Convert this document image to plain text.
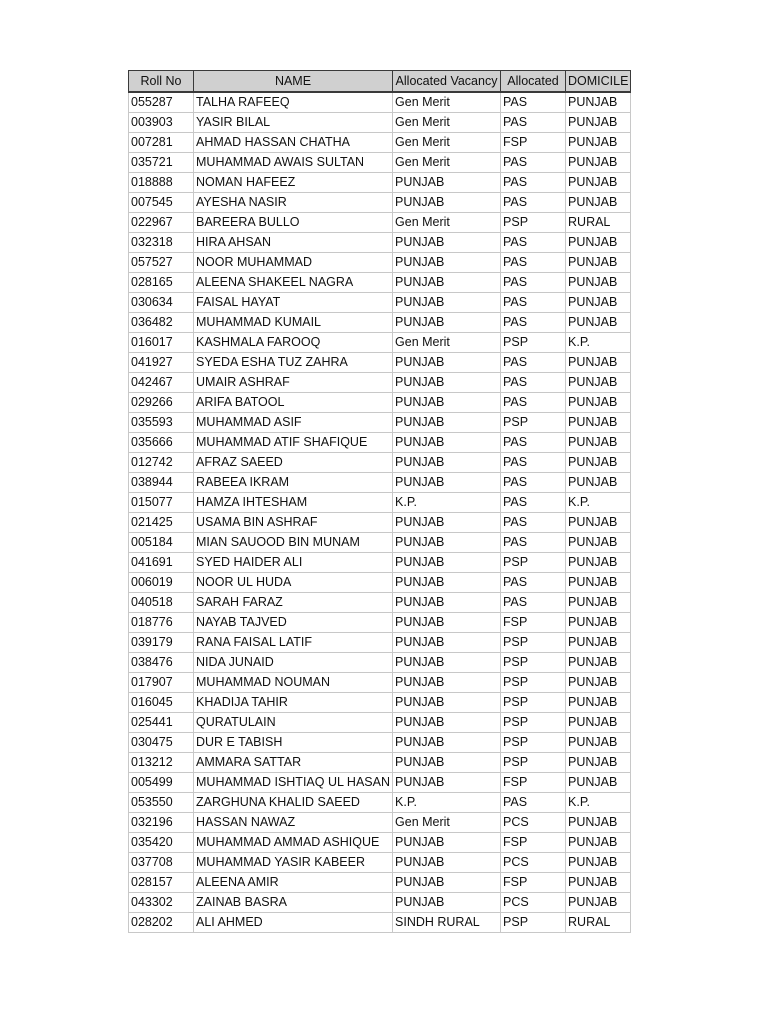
Roll No	NAME	Allocated Vacancy	Allocated	DOMICILE
055287	TALHA RAFEEQ	Gen Merit	PAS	PUNJAB
003903	YASIR BILAL	Gen Merit	PAS	PUNJAB
007281	AHMAD HASSAN CHATHA	Gen Merit	FSP	PUNJAB
035721	MUHAMMAD AWAIS SULTAN	Gen Merit	PAS	PUNJAB
018888	NOMAN HAFEEZ	PUNJAB	PAS	PUNJAB
007545	AYESHA NASIR	PUNJAB	PAS	PUNJAB
022967	BAREERA BULLO	Gen Merit	PSP	RURAL
032318	HIRA AHSAN	PUNJAB	PAS	PUNJAB
057527	NOOR MUHAMMAD	PUNJAB	PAS	PUNJAB
028165	ALEENA SHAKEEL NAGRA	PUNJAB	PAS	PUNJAB
030634	FAISAL HAYAT	PUNJAB	PAS	PUNJAB
036482	MUHAMMAD KUMAIL	PUNJAB	PAS	PUNJAB
016017	KASHMALA FAROOQ	Gen Merit	PSP	K.P.
041927	SYEDA ESHA TUZ ZAHRA	PUNJAB	PAS	PUNJAB
042467	UMAIR ASHRAF	PUNJAB	PAS	PUNJAB
029266	ARIFA BATOOL	PUNJAB	PAS	PUNJAB
035593	MUHAMMAD ASIF	PUNJAB	PSP	PUNJAB
035666	MUHAMMAD ATIF SHAFIQUE	PUNJAB	PAS	PUNJAB
012742	AFRAZ SAEED	PUNJAB	PAS	PUNJAB
038944	RABEEA IKRAM	PUNJAB	PAS	PUNJAB
015077	HAMZA IHTESHAM	K.P.	PAS	K.P.
021425	USAMA BIN ASHRAF	PUNJAB	PAS	PUNJAB
005184	MIAN SAUOOD BIN MUNAM	PUNJAB	PAS	PUNJAB
041691	SYED HAIDER ALI	PUNJAB	PSP	PUNJAB
006019	NOOR UL HUDA	PUNJAB	PAS	PUNJAB
040518	SARAH FARAZ	PUNJAB	PAS	PUNJAB
018776	NAYAB TAJVED	PUNJAB	FSP	PUNJAB
039179	RANA FAISAL LATIF	PUNJAB	PSP	PUNJAB
038476	NIDA JUNAID	PUNJAB	PSP	PUNJAB
017907	MUHAMMAD NOUMAN	PUNJAB	PSP	PUNJAB
016045	KHADIJA TAHIR	PUNJAB	PSP	PUNJAB
025441	QURATULAIN	PUNJAB	PSP	PUNJAB
030475	DUR E TABISH	PUNJAB	PSP	PUNJAB
013212	AMMARA SATTAR	PUNJAB	PSP	PUNJAB
005499	MUHAMMAD ISHTIAQ UL HASAN	PUNJAB	FSP	PUNJAB
053550	ZARGHUNA KHALID SAEED	K.P.	PAS	K.P.
032196	HASSAN NAWAZ	Gen Merit	PCS	PUNJAB
035420	MUHAMMAD AMMAD ASHIQUE	PUNJAB	FSP	PUNJAB
037708	MUHAMMAD YASIR KABEER	PUNJAB	PCS	PUNJAB
028157	ALEENA AMIR	PUNJAB	FSP	PUNJAB
043302	ZAINAB BASRA	PUNJAB	PCS	PUNJAB
028202	ALI AHMED	SINDH RURAL	PSP	RURAL
